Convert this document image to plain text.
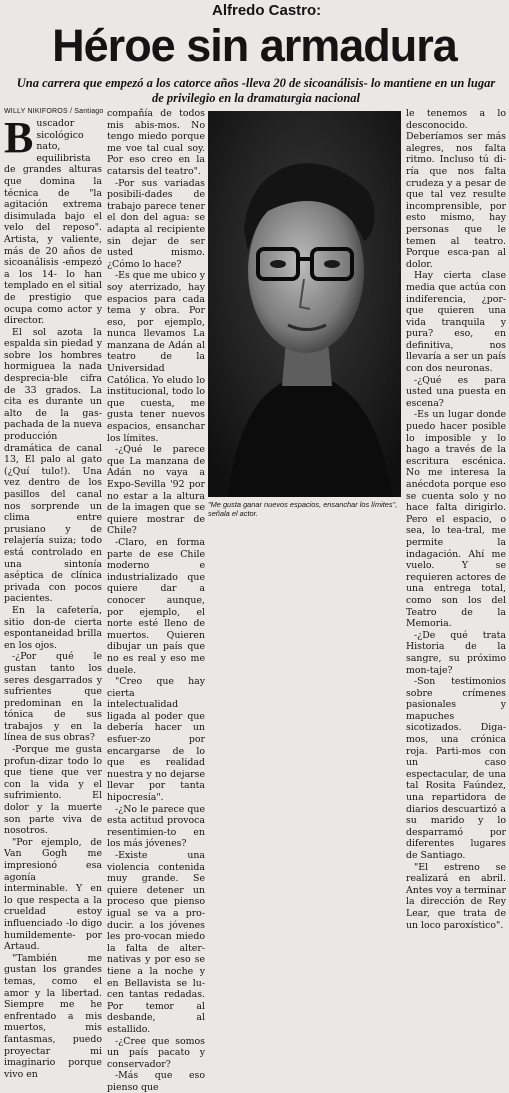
Alfredo Castro:
Héroe sin armadura
Una carrera que empezó a los catorce años -lleva 20 de sicoanálisis- lo mantiene en un lugar de privilegio en la dramaturgia nacional
WILLY NIKIFOROS / Santiago

Buscador sicológico nato, equilibrista de grandes alturas que domina la técnica de "la agitación extrema disimulada bajo el velo del reposo". Artista, y valiente, más de 20 años de sicoanálisis -empezó a los 14- lo han templado en el sitial de prestigio que ocupa como actor y director.

El sol azota la espalda sin piedad y sobre los hombres hormiguea la nada desprecia-ble cifra de 33 grados. La cita es durante un alto de la gas-pachada de la nueva producción dramática de canal 13, El palo al gato (¿Quí tulo!). Una vez dentro de los pasillos del canal nos sorprende un clima entre prusiano y de relajería suiza; todo está controlado en una sintonía aséptica de clínica privada con pocos pacientes.

En la cafetería, sitio don-de cierta espontaneidad brilla en los ojos.

-¿Por qué le gustan tanto los seres desgarrados y sufrientes que predominan en la tónica de sus trabajos y en la línea de sus obras?

-Porque me gusta profun-dizar todo lo que tiene que ver con la vida y el sufrimiento. El dolor y la muerte son parte viva de nosotros.

"Por ejemplo, de Van Gogh me impresionó esa agonía interminable. Y en lo que respecta a la crueldad estoy influenciado -lo digo humildemente- por Artaud.

"También me gustan los grandes temas, como el amor y la libertad. Siempre me he enfrentado a mis muertos, mis fantasmas, puedo proyectar mi imaginario porque vivo en

compañía de todos mis abis-mos. No tengo miedo porque me voe tal cual soy. Por eso creo en la catarsis del teatro".

-Por sus variadas posibili-dades de trabajo parece tener el don del agua: se adapta al recipiente sin dejar de ser usted mismo. ¿Cómo lo hace?

-Es que me ubico y soy aterrizado, hay espacios para cada tema y obra. Por eso, por ejemplo, nunca llevamos La manzana de Adán al teatro de la Universidad Católica. Yo eludo lo institucional, todo lo que cuesta, me gusta tener nuevos espacios, ensanchar los límites.

-¿Qué le parece que La manzana de Adán no vaya a Expo-Sevilla '92 por no estar a la altura de la imagen que se quiere mostrar de Chile?

-Claro, en forma parte de ese Chile moderno e industrializado que quiere dar a conocer aunque, por ejemplo, el norte esté lleno de muertos. Quieren dibujar un país que no es real y eso me duele.

"Creo que hay cierta intelectualidad ligada al poder que debería hacer un esfuer-zo por encargarse de lo que es realidad nuestra y no dejarse llevar por tanta hipocresía".

-¿No le parece que esta actitud provoca resentimien-to en los más jóvenes?

-Existe una violencia contenida muy grande. Se quiere detener un proceso que pienso igual se va a pro-ducir. a los jóvenes les pro-vocan miedo la falta de alter-nativas y por eso se tiene a la noche y en Bellavista se lu-cen tantas redadas. Por temor al desbande, al estallido.

-¿Cree que somos un país pacato y conservador?

-Más que eso pienso que

"Me gusta ganar nuevos espacios, ensanchar los límites", señala el actor.

le tenemos a lo desconocido. Deberíamos ser más alegres, nos falta ritmo. Incluso tú di-ría que nos falta crudeza y a pesar de que tal vez resulte incomprensible, por esto mismo, hay personas que le temen al teatro. Porque esca-pan al dolor.

Hay cierta clase media que actúa con indiferencia, ¿por-que quieren una vida tranquila y pura? eso, en definitiva, nos llevaría a ser un país con dos neuronas.

-¿Qué es para usted una puesta en escena?

-Es un lugar donde puedo hacer posible lo imposible y lo hago a través de la escritura escénica. No me interesa la anécdota porque eso se cuenta solo y no hace falta dirigirlo. Pero el espacio, o sea, lo tea-tral, me permite la indagación. Ahí me vuelo. Y se requieren actores de una entrega total, como son los del Teatro de la Memoria.

-¿De qué trata Historia de la sangre, su próximo mon-taje?

-Son testimonios sobre crímenes pasionales y mapuches sicotizados. Diga-mos, una crónica roja. Parti-mos con un caso espectacular, de una tal Rosita Faúndez, una repartidora de diarios descuartizó a su marido y lo desparramó por diferentes lugares de Santiago.

"El estreno se realizará en abril. Antes voy a terminar la dirección de Rey Lear, que trata de un loco paroxístico".
